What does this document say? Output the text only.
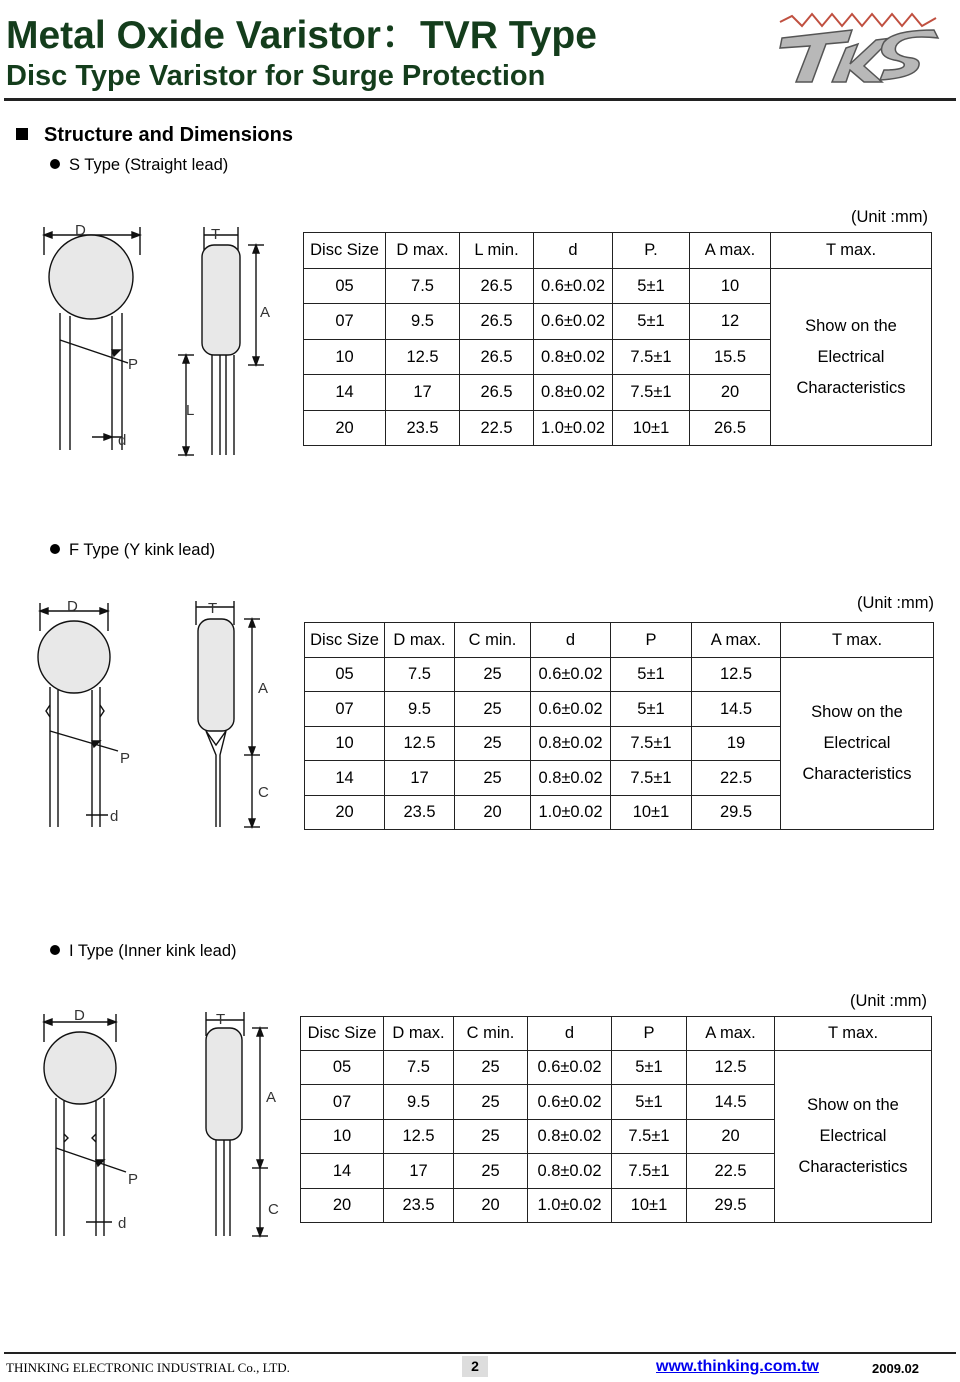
Metal Oxide Varistor：TVR Type
Disc Type Varistor for Surge Protection
Structure and Dimensions
S Type (Straight lead)
D	T
A
P
L
d
(Unit :mm)
Disc Size	D max.	L min.	d	P.	A max.	T max.
05	7.5	26.5	0.6±0.02	5±1	10	Show on the
Electrical
Characteristics

07	9.5	26.5	0.6±0.02	5±1	12	
10	12.5	26.5	0.8±0.02	7.5±1	15.5	
14	17	26.5	0.8±0.02	7.5±1	20	
20	23.5	22.5	1.0±0.02	10±1	26.5	
F Type (Y kink lead)
D	T
A
P
C
d
(Unit :mm)
Disc Size	D max.	C min.	d	P	A max.	T max.
05	7.5	25	0.6±0.02	5±1	12.5	Show on the
Electrical
Characteristics

07	9.5	25	0.6±0.02	5±1	14.5	
10	12.5	25	0.8±0.02	7.5±1	19	
14	17	25	0.8±0.02	7.5±1	22.5	
20	23.5	20	1.0±0.02	10±1	29.5	
I Type (Inner kink lead)
D	T
A
P
C
d
(Unit :mm)
Disc Size	D max.	C min.	d	P	A max.	T max.
05	7.5	25	0.6±0.02	5±1	12.5	Show on the
Electrical
Characteristics

07	9.5	25	0.6±0.02	5±1	14.5	
10	12.5	25	0.8±0.02	7.5±1	20	
14	17	25	0.8±0.02	7.5±1	22.5	
20	23.5	20	1.0±0.02	10±1	29.5	
THINKING ELECTRONIC INDUSTRIAL Co., LTD.	2	www.thinking.com.tw	2009.02
